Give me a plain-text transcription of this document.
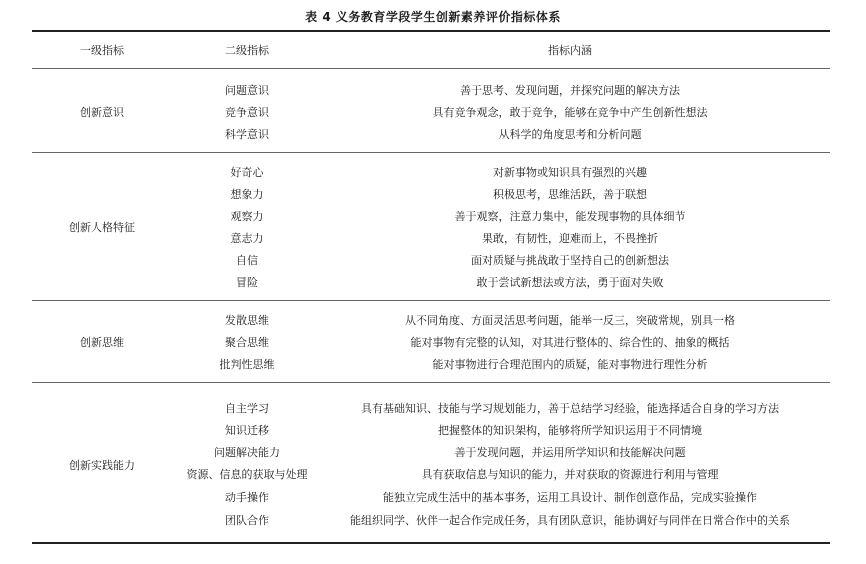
表 4 义务教育学段学生创新素养评价指标体系
一级指标	二级指标	指标内涵
创新意识
问题意识	善于思考、发现问题，并探究问题的解决方法
竞争意识	具有竞争观念，敢于竞争，能够在竞争中产生创新性想法
科学意识	从科学的角度思考和分析问题
创新人格特征
好奇心	对新事物或知识具有强烈的兴趣
想象力	积极思考，思维活跃，善于联想
观察力	善于观察，注意力集中，能发现事物的具体细节
意志力	果敢，有韧性，迎难而上，不畏挫折
自信	面对质疑与挑战敢于坚持自己的创新想法
冒险	敢于尝试新想法或方法，勇于面对失败
创新思维
发散思维	从不同角度、方面灵活思考问题，能举一反三，突破常规，别具一格
聚合思维	能对事物有完整的认知，对其进行整体的、综合性的、抽象的概括
批判性思维	能对事物进行合理范围内的质疑，能对事物进行理性分析
创新实践能力
自主学习	具有基础知识、技能与学习规划能力，善于总结学习经验，能选择适合自身的学习方法
知识迁移	把握整体的知识架构，能够将所学知识运用于不同情境
问题解决能力	善于发现问题，并运用所学知识和技能解决问题
资源、信息的获取与处理	具有获取信息与知识的能力，并对获取的资源进行利用与管理
动手操作	能独立完成生活中的基本事务，运用工具设计、制作创意作品，完成实验操作
团队合作	能组织同学、伙伴一起合作完成任务，具有团队意识，能协调好与同伴在日常合作中的关系
